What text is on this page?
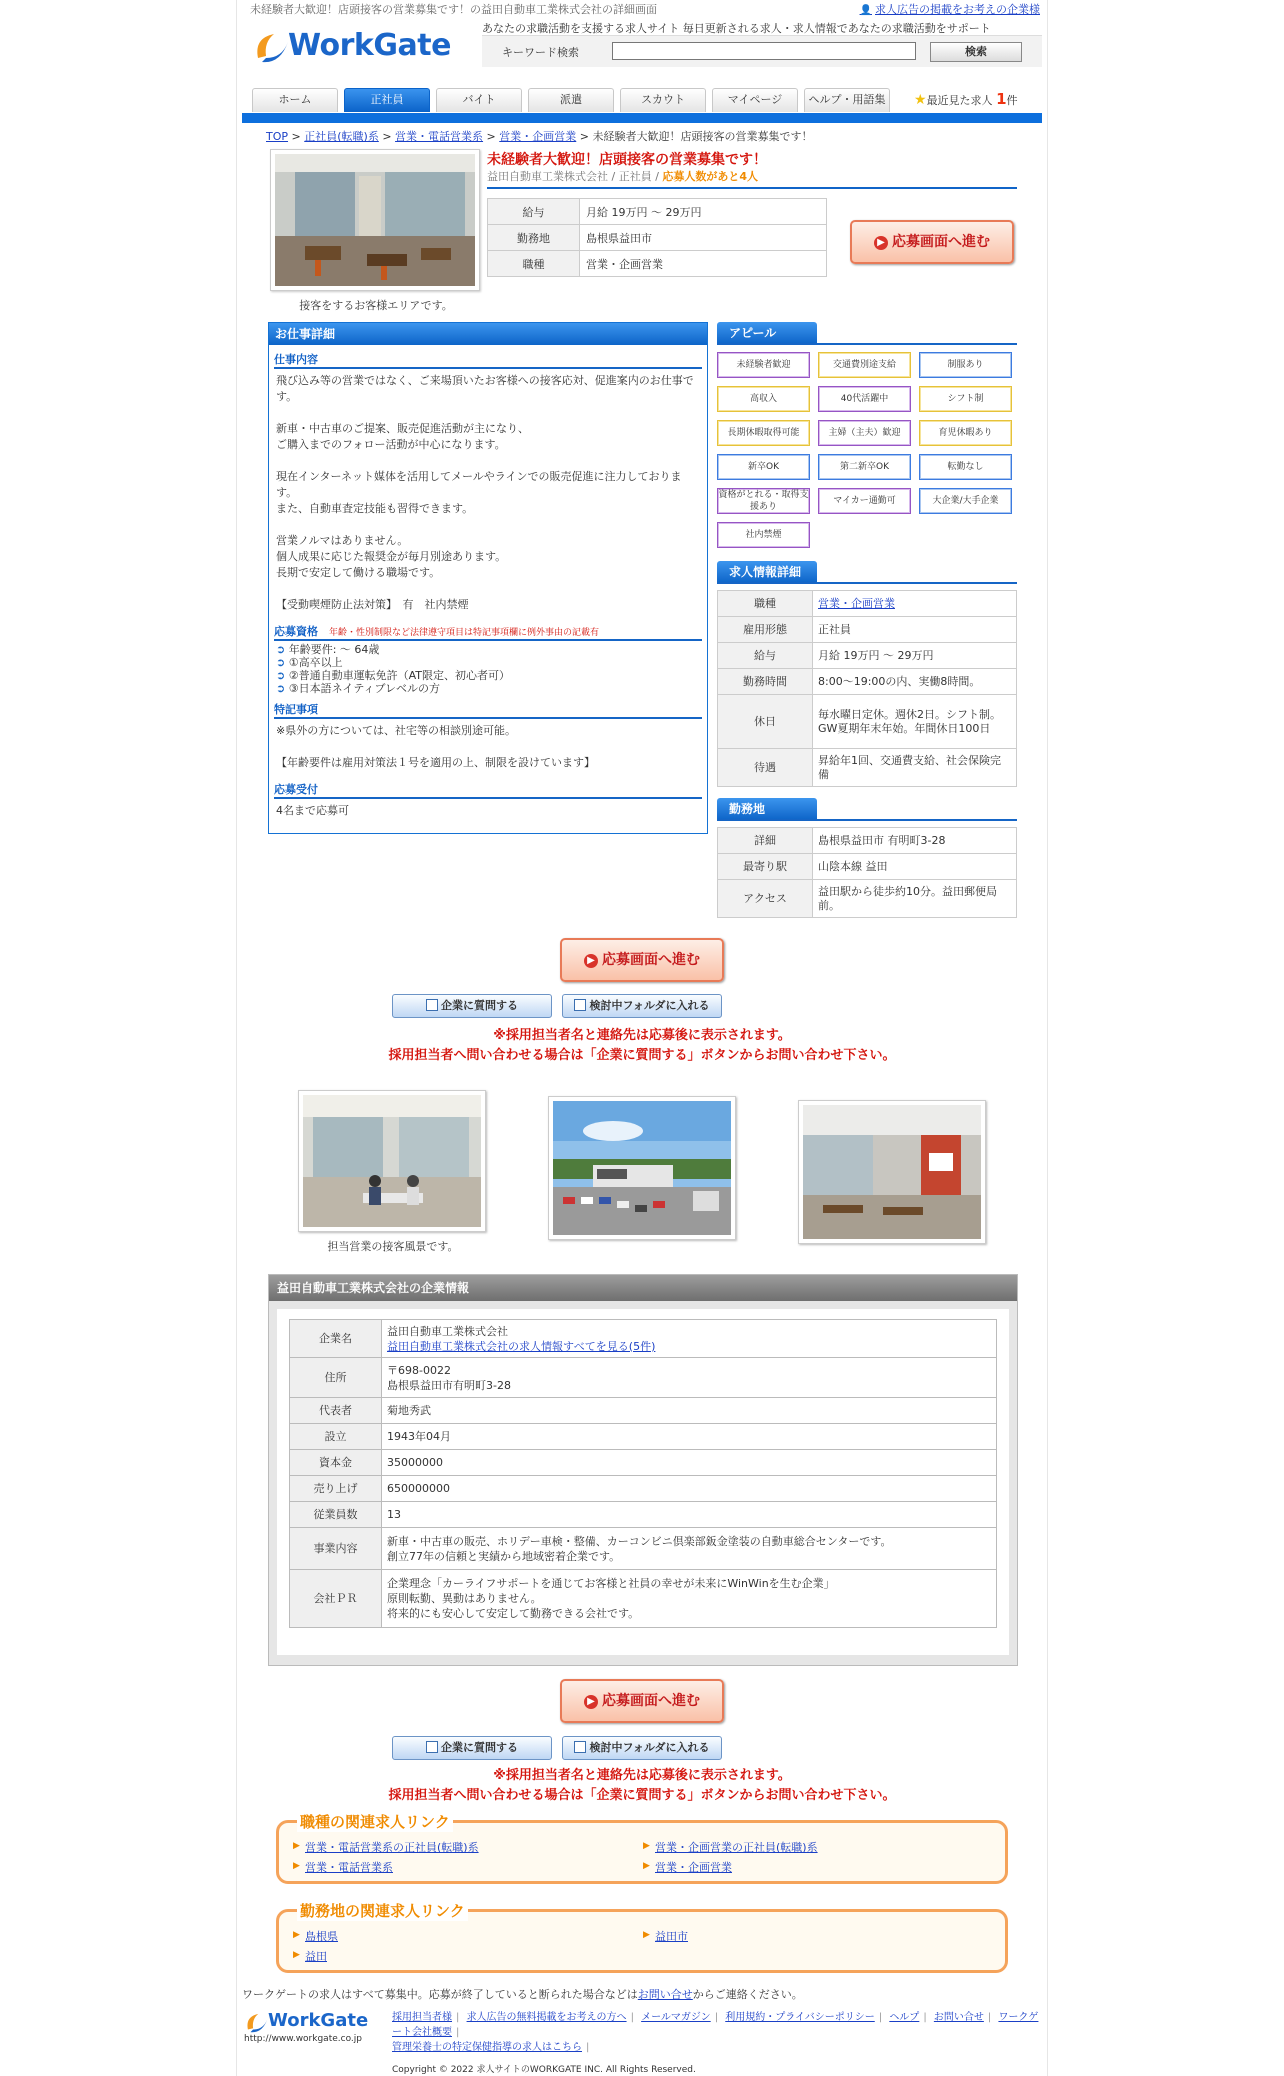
未経験者大歓迎！店頭接客の営業募集です！の益田自動車工業株式会社の詳細画面	👤 求人広告の掲載をお考えの企業様
WorkGate	あなたの求職活動を支援する求人サイト 毎日更新される求人・求人情報であなたの求職活動をサポート
キーワード検索	検索
ホーム	正社員	バイト	派遣	スカウト	マイページ	ヘルプ・用語集	★最近見た求人 1件
TOP > 正社員(転職)系 > 営業・電話営業系 > 営業・企画営業 > 未経験者大歓迎！店頭接客の営業募集です！
接客をするお客様エリアです。
未経験者大歓迎！店頭接客の営業募集です！
益田自動車工業株式会社 / 正社員 / 応募人数があと4人
給与	月給 19万円 ～ 29万円
勤務地	島根県益田市
職種	営業・企画営業
▶ 応募画面へ進む
お仕事詳細
仕事内容
飛び込み等の営業ではなく、ご来場頂いたお客様への接客応対、促進案内のお仕事です。
新車・中古車のご提案、販売促進活動が主になり、
ご購入までのフォロー活動が中心になります。
現在インターネット媒体を活用してメールやラインでの販売促進に注力しております。
また、自動車査定技能も習得できます。
営業ノルマはありません。
個人成果に応じた報奨金が毎月別途あります。
長期で安定して働ける職場です。
【受動喫煙防止法対策】　有　社内禁煙
応募資格　 年齢・性別制限など法律遵守項目は特記事項欄に例外事由の記載有
➲ 年齢要件: ～ 64歳
➲ ①高卒以上
➲ ②普通自動車運転免許（AT限定、初心者可）
➲ ③日本語ネイティブレベルの方
特記事項
※県外の方については、社宅等の相談別途可能。
【年齢要件は雇用対策法１号を適用の上、制限を設けています】
応募受付
4名まで応募可
アピール
未経験者歓迎	交通費別途支給	制服あり
高収入	40代活躍中	シフト制
長期休暇取得可能	主婦（主夫）歓迎	育児休暇あり
新卒OK	第二新卒OK	転勤なし
資格がとれる・取得支援あり
マイカー通勤可	大企業/大手企業
社内禁煙
求人情報詳細
職種	営業・企画営業
雇用形態	正社員
給与	月給 19万円 ～ 29万円
勤務時間	8:00～19:00の内、実働8時間。
休日	毎水曜日定休。週休2日。シフト制。GW夏期年末年始。年間休日100日
待遇	昇給年1回、交通費支給、社会保険完備
勤務地
詳細	島根県益田市 有明町3-28
最寄り駅	山陰本線 益田
アクセス	益田駅から徒歩約10分。益田郵便局前。
▶ 応募画面へ進む
企業に質問する	検討中フォルダに入れる
※採用担当者名と連絡先は応募後に表示されます。
採用担当者へ問い合わせる場合は「企業に質問する」ボタンからお問い合わせ下さい。
担当営業の接客風景です。
益田自動車工業株式会社の企業情報
企業名	益田自動車工業株式会社
益田自動車工業株式会社の求人情報すべてを見る(5件)
住所	〒698-0022
島根県益田市有明町3-28

代表者	菊地秀武
設立	1943年04月
資本金	35000000
売り上げ	650000000
従業員数	13
事業内容	新車・中古車の販売、ホリデー車検・整備、カーコンビニ倶楽部鈑金塗装の自動車総合センターです。
創立77年の信頼と実績から地域密着企業です。

会社ＰＲ	企業理念「カーライフサポートを通じてお客様と社員の幸せが未来にWinWinを生む企業」
原則転勤、異動はありません。
将来的にも安心して安定して勤務できる会社です。
▶ 応募画面へ進む
企業に質問する	検討中フォルダに入れる
※採用担当者名と連絡先は応募後に表示されます。
採用担当者へ問い合わせる場合は「企業に質問する」ボタンからお問い合わせ下さい。
職種の関連求人リンク
▶ 営業・電話営業系の正社員(転職)系	▶ 営業・企画営業の正社員(転職)系
▶ 営業・電話営業系	▶ 営業・企画営業
勤務地の関連求人リンク
▶ 島根県	▶ 益田市
▶ 益田
ワークゲートの求人はすべて募集中。応募が終了していると断られた場合などはお問い合せからご連絡ください。
WorkGate
http://www.workgate.co.jp
採用担当者様 | 求人広告の無料掲載をお考えの方へ | メールマガジン | 利用規約・プライバシーポリシー | ヘルプ | お問い合せ | ワークゲート会社概要 |
管理栄養士の特定保健指導の求人はこちら |
Copyright © 2022 求人サイトのWORKGATE INC. All Rights Reserved.
